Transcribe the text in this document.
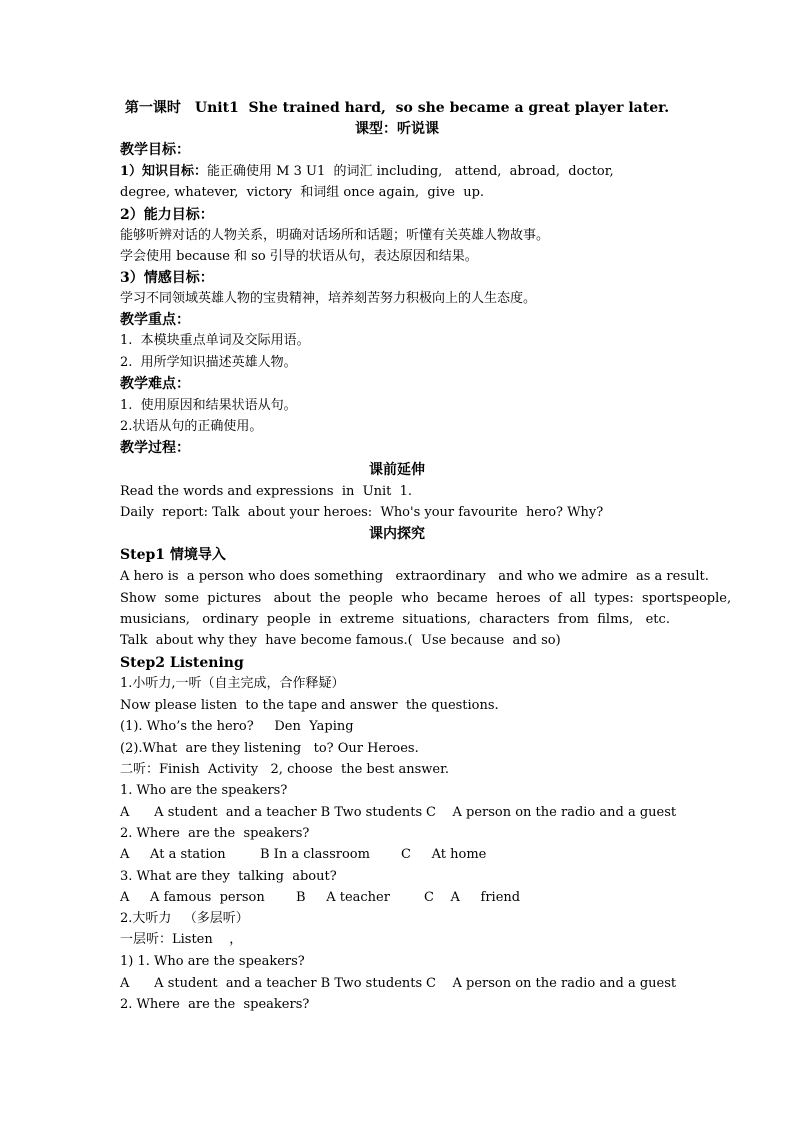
第一课时　Unit1  She trained hard,  so she became a great player later.
课型：听说课
教学目标：
1）知识目标：能正确使用 M 3 U1  的词汇 including,   attend,  abroad,  doctor,
degree, whatever,  victory  和词组 once again,  give  up.
2）能力目标：
能够听辨对话的人物关系，明确对话场所和话题；听懂有关英雄人物故事。
学会使用 because 和 so 引导的状语从句，表达原因和结果。
3）情感目标：
学习不同领域英雄人物的宝贵精神，培养刻苦努力积极向上的人生态度。
教学重点：
1.  本模块重点单词及交际用语。
2.  用所学知识描述英雄人物。
教学难点：
1.  使用原因和结果状语从句。
2.状语从句的正确使用。
教学过程：
课前延伸
Read the words and expressions  in  Unit  1.
Daily  report: Talk  about your heroes:  Who's your favourite  hero? Why?
课内探究
Step1 情境导入
A hero is  a person who does something   extraordinary   and who we admire  as a result.
Show  some  pictures   about  the  people  who  became  heroes  of  all  types:  sportspeople,
musicians,   ordinary  people  in  extreme  situations,  characters  from  films,   etc.
Talk  about why they  have become famous.(  Use because  and so)
Step2 Listening
1.小听力,一听（自主完成，合作释疑）
Now please listen  to the tape and answer  the questions.
(1). Who’s the hero?     Den  Yaping
(2).What  are they listening   to? Our Heroes.
二听：Finish  Activity   2, choose  the best answer.
1. Who are the speakers?
A      A student  and a teacher B Two students C    A person on the radio and a guest
2. Where  are the  speakers?
A     At a station	B In a classroom C     At home
3. What are they  talking  about?
A     A famous  person B     A teacher	C    A     friend
2.大听力   （多层听）
一层听：Listen    ，
1) 1. Who are the speakers?
A      A student  and a teacher B Two students C    A person on the radio and a guest
2. Where  are the  speakers?
